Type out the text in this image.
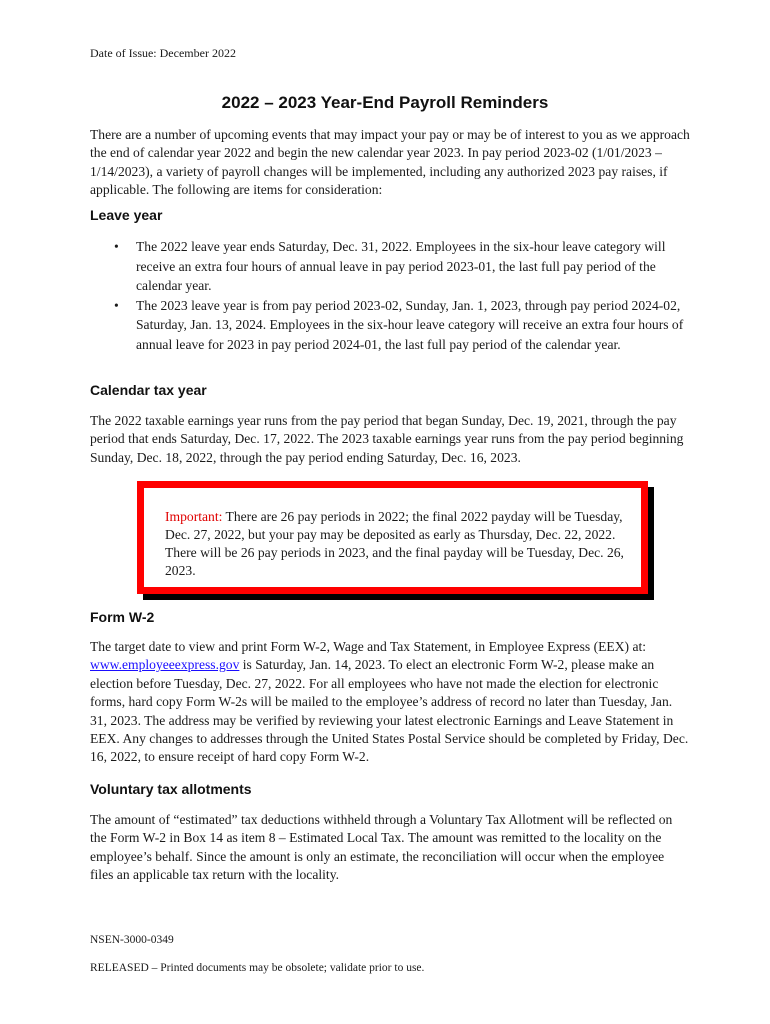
Date of Issue: December 2022
2022 – 2023 Year-End Payroll Reminders
There are a number of upcoming events that may impact your pay or may be of interest to you as we approach the end of calendar year 2022 and begin the new calendar year 2023. In pay period 2023-02 (1/01/2023 – 1/14/2023), a variety of payroll changes will be implemented, including any authorized 2023 pay raises, if applicable. The following are items for consideration:
Leave year
• The 2022 leave year ends Saturday, Dec. 31, 2022. Employees in the six-hour leave category will receive an extra four hours of annual leave in pay period 2023-01, the last full pay period of the calendar year.
• The 2023 leave year is from pay period 2023-02, Sunday, Jan. 1, 2023, through pay period 2024-02, Saturday, Jan. 13, 2024. Employees in the six-hour leave category will receive an extra four hours of annual leave for 2023 in pay period 2024-01, the last full pay period of the calendar year.
Calendar tax year
The 2022 taxable earnings year runs from the pay period that began Sunday, Dec. 19, 2021, through the pay period that ends Saturday, Dec. 17, 2022. The 2023 taxable earnings year runs from the pay period beginning Sunday, Dec. 18, 2022, through the pay period ending Saturday, Dec. 16, 2023.
Important: There are 26 pay periods in 2022; the final 2022 payday will be Tuesday, Dec. 27, 2022, but your pay may be deposited as early as Thursday, Dec. 22, 2022. There will be 26 pay periods in 2023, and the final payday will be Tuesday, Dec. 26, 2023.
Form W-2
The target date to view and print Form W-2, Wage and Tax Statement, in Employee Express (EEX) at: www.employeeexpress.gov is Saturday, Jan. 14, 2023. To elect an electronic Form W-2, please make an election before Tuesday, Dec. 27, 2022. For all employees who have not made the election for electronic forms, hard copy Form W-2s will be mailed to the employee’s address of record no later than Tuesday, Jan. 31, 2023. The address may be verified by reviewing your latest electronic Earnings and Leave Statement in EEX. Any changes to addresses through the United States Postal Service should be completed by Friday, Dec. 16, 2022, to ensure receipt of hard copy Form W-2.
Voluntary tax allotments
The amount of “estimated” tax deductions withheld through a Voluntary Tax Allotment will be reflected on the Form W-2 in Box 14 as item 8 – Estimated Local Tax. The amount was remitted to the locality on the employee’s behalf. Since the amount is only an estimate, the reconciliation will occur when the employee files an applicable tax return with the locality.
NSEN-3000-0349
RELEASED – Printed documents may be obsolete; validate prior to use.
